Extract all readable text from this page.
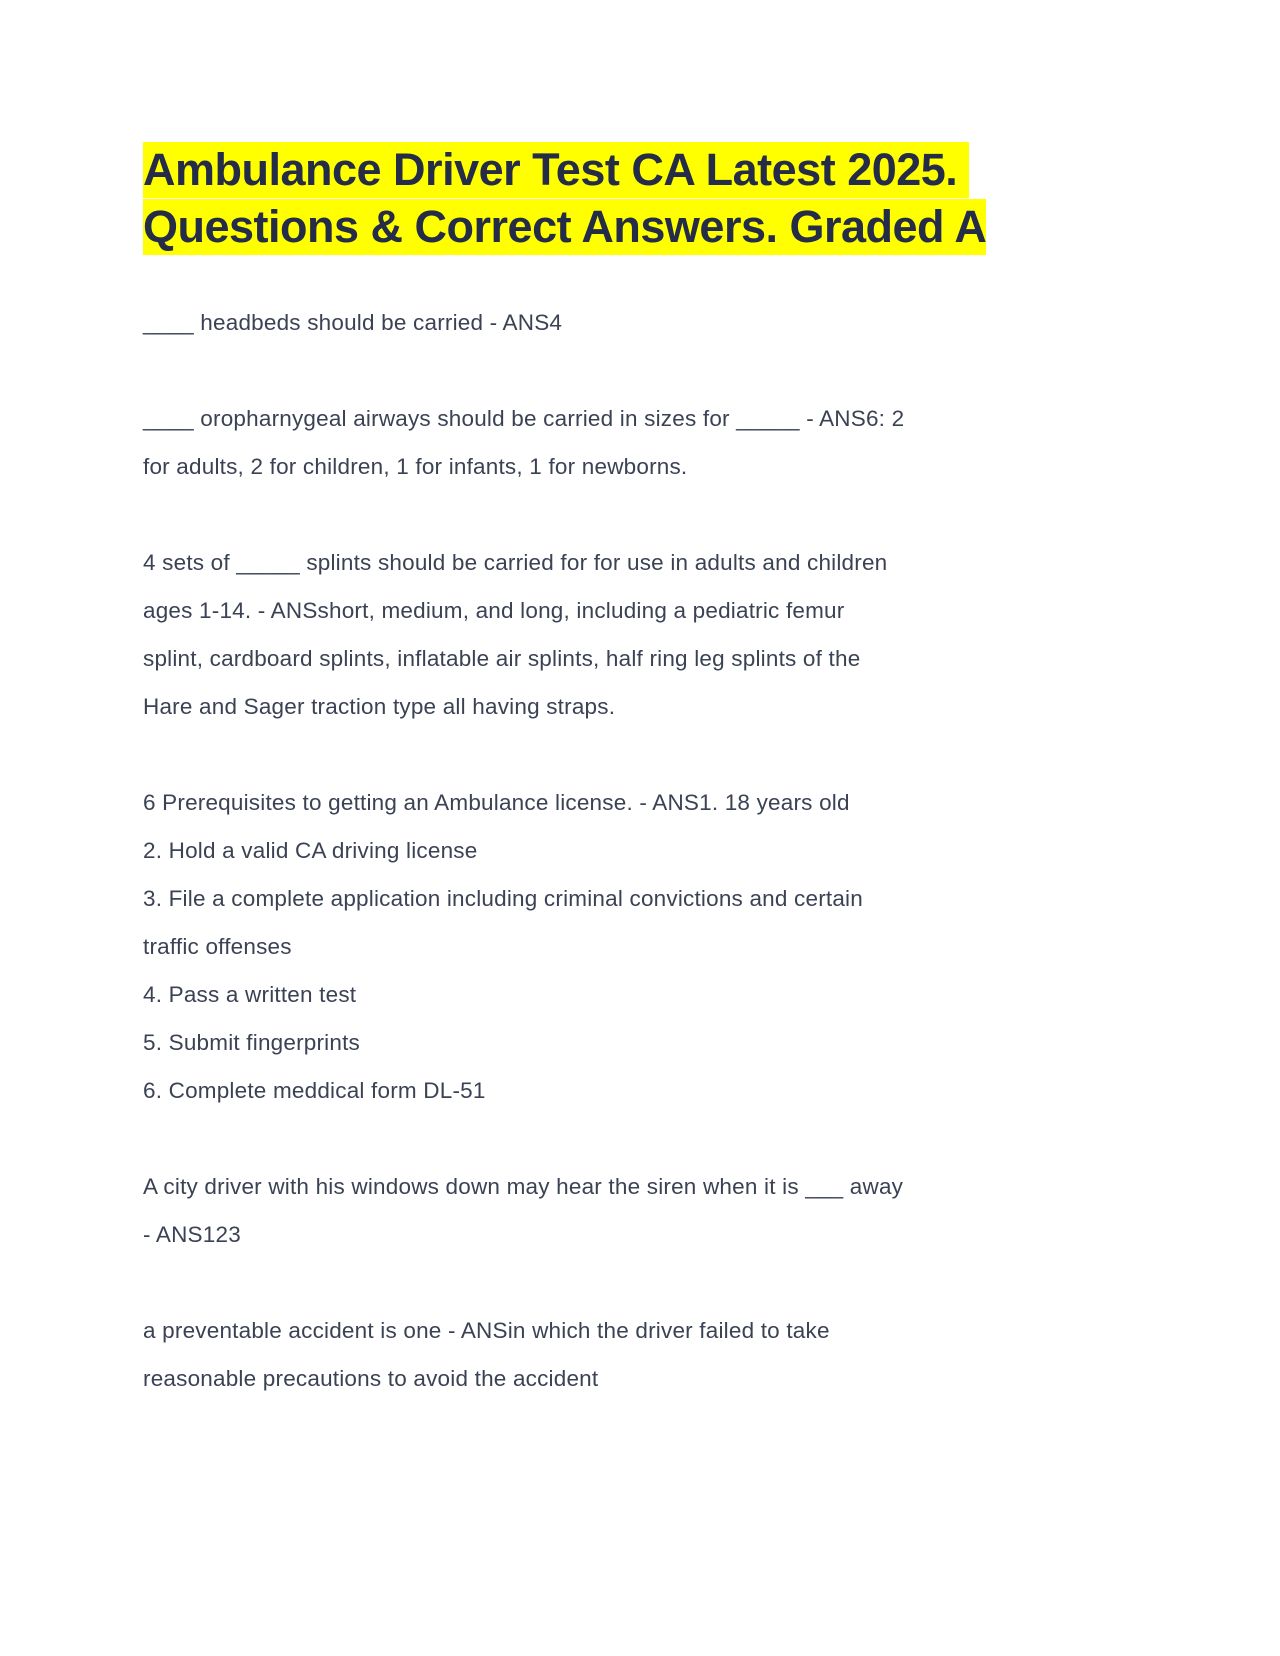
Ambulance Driver Test CA Latest 2025.
Questions & Correct Answers. Graded A
____ headbeds should be carried - ANS4
____ oropharnygeal airways should be carried in sizes for _____ - ANS6: 2
for adults, 2 for children, 1 for infants, 1 for newborns.
4 sets of _____ splints should be carried for for use in adults and children
ages 1-14. - ANSshort, medium, and long, including a pediatric femur
splint, cardboard splints, inflatable air splints, half ring leg splints of the
Hare and Sager traction type all having straps.
6 Prerequisites to getting an Ambulance license. - ANS1. 18 years old
2. Hold a valid CA driving license
3. File a complete application including criminal convictions and certain
traffic offenses
4. Pass a written test
5. Submit fingerprints
6. Complete meddical form DL-51
A city driver with his windows down may hear the siren when it is ___ away
- ANS123
a preventable accident is one - ANSin which the driver failed to take
reasonable precautions to avoid the accident
